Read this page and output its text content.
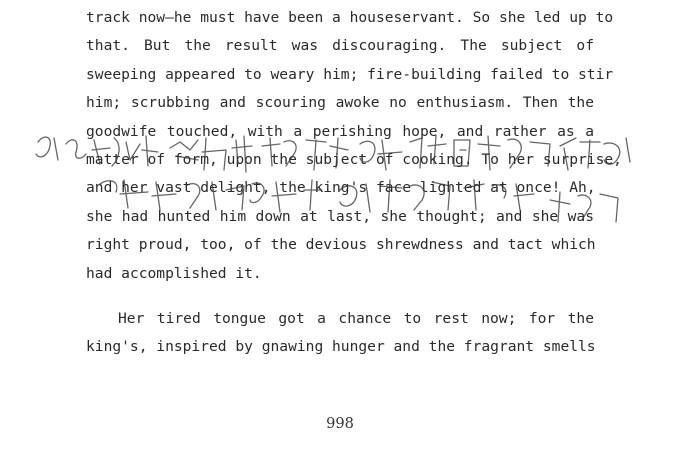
track now—he must have been a houseservant. So she led up to
that. But the result was discouraging. The subject of
sweeping appeared to weary him; fire-building failed to stir
him; scrubbing and scouring awoke no enthusiasm. Then the
goodwife touched, with a perishing hope, and rather as a
matter of form, upon the subject of cooking. To her surprise,
and her vast delight, the king's face lighted at once! Ah,
she had hunted him down at last, she thought; and she was
right proud, too, of the devious shrewdness and tact which
had accomplished it.
Her tired tongue got a chance to rest now; for the
king's, inspired by gnawing hunger and the fragrant smells
998
